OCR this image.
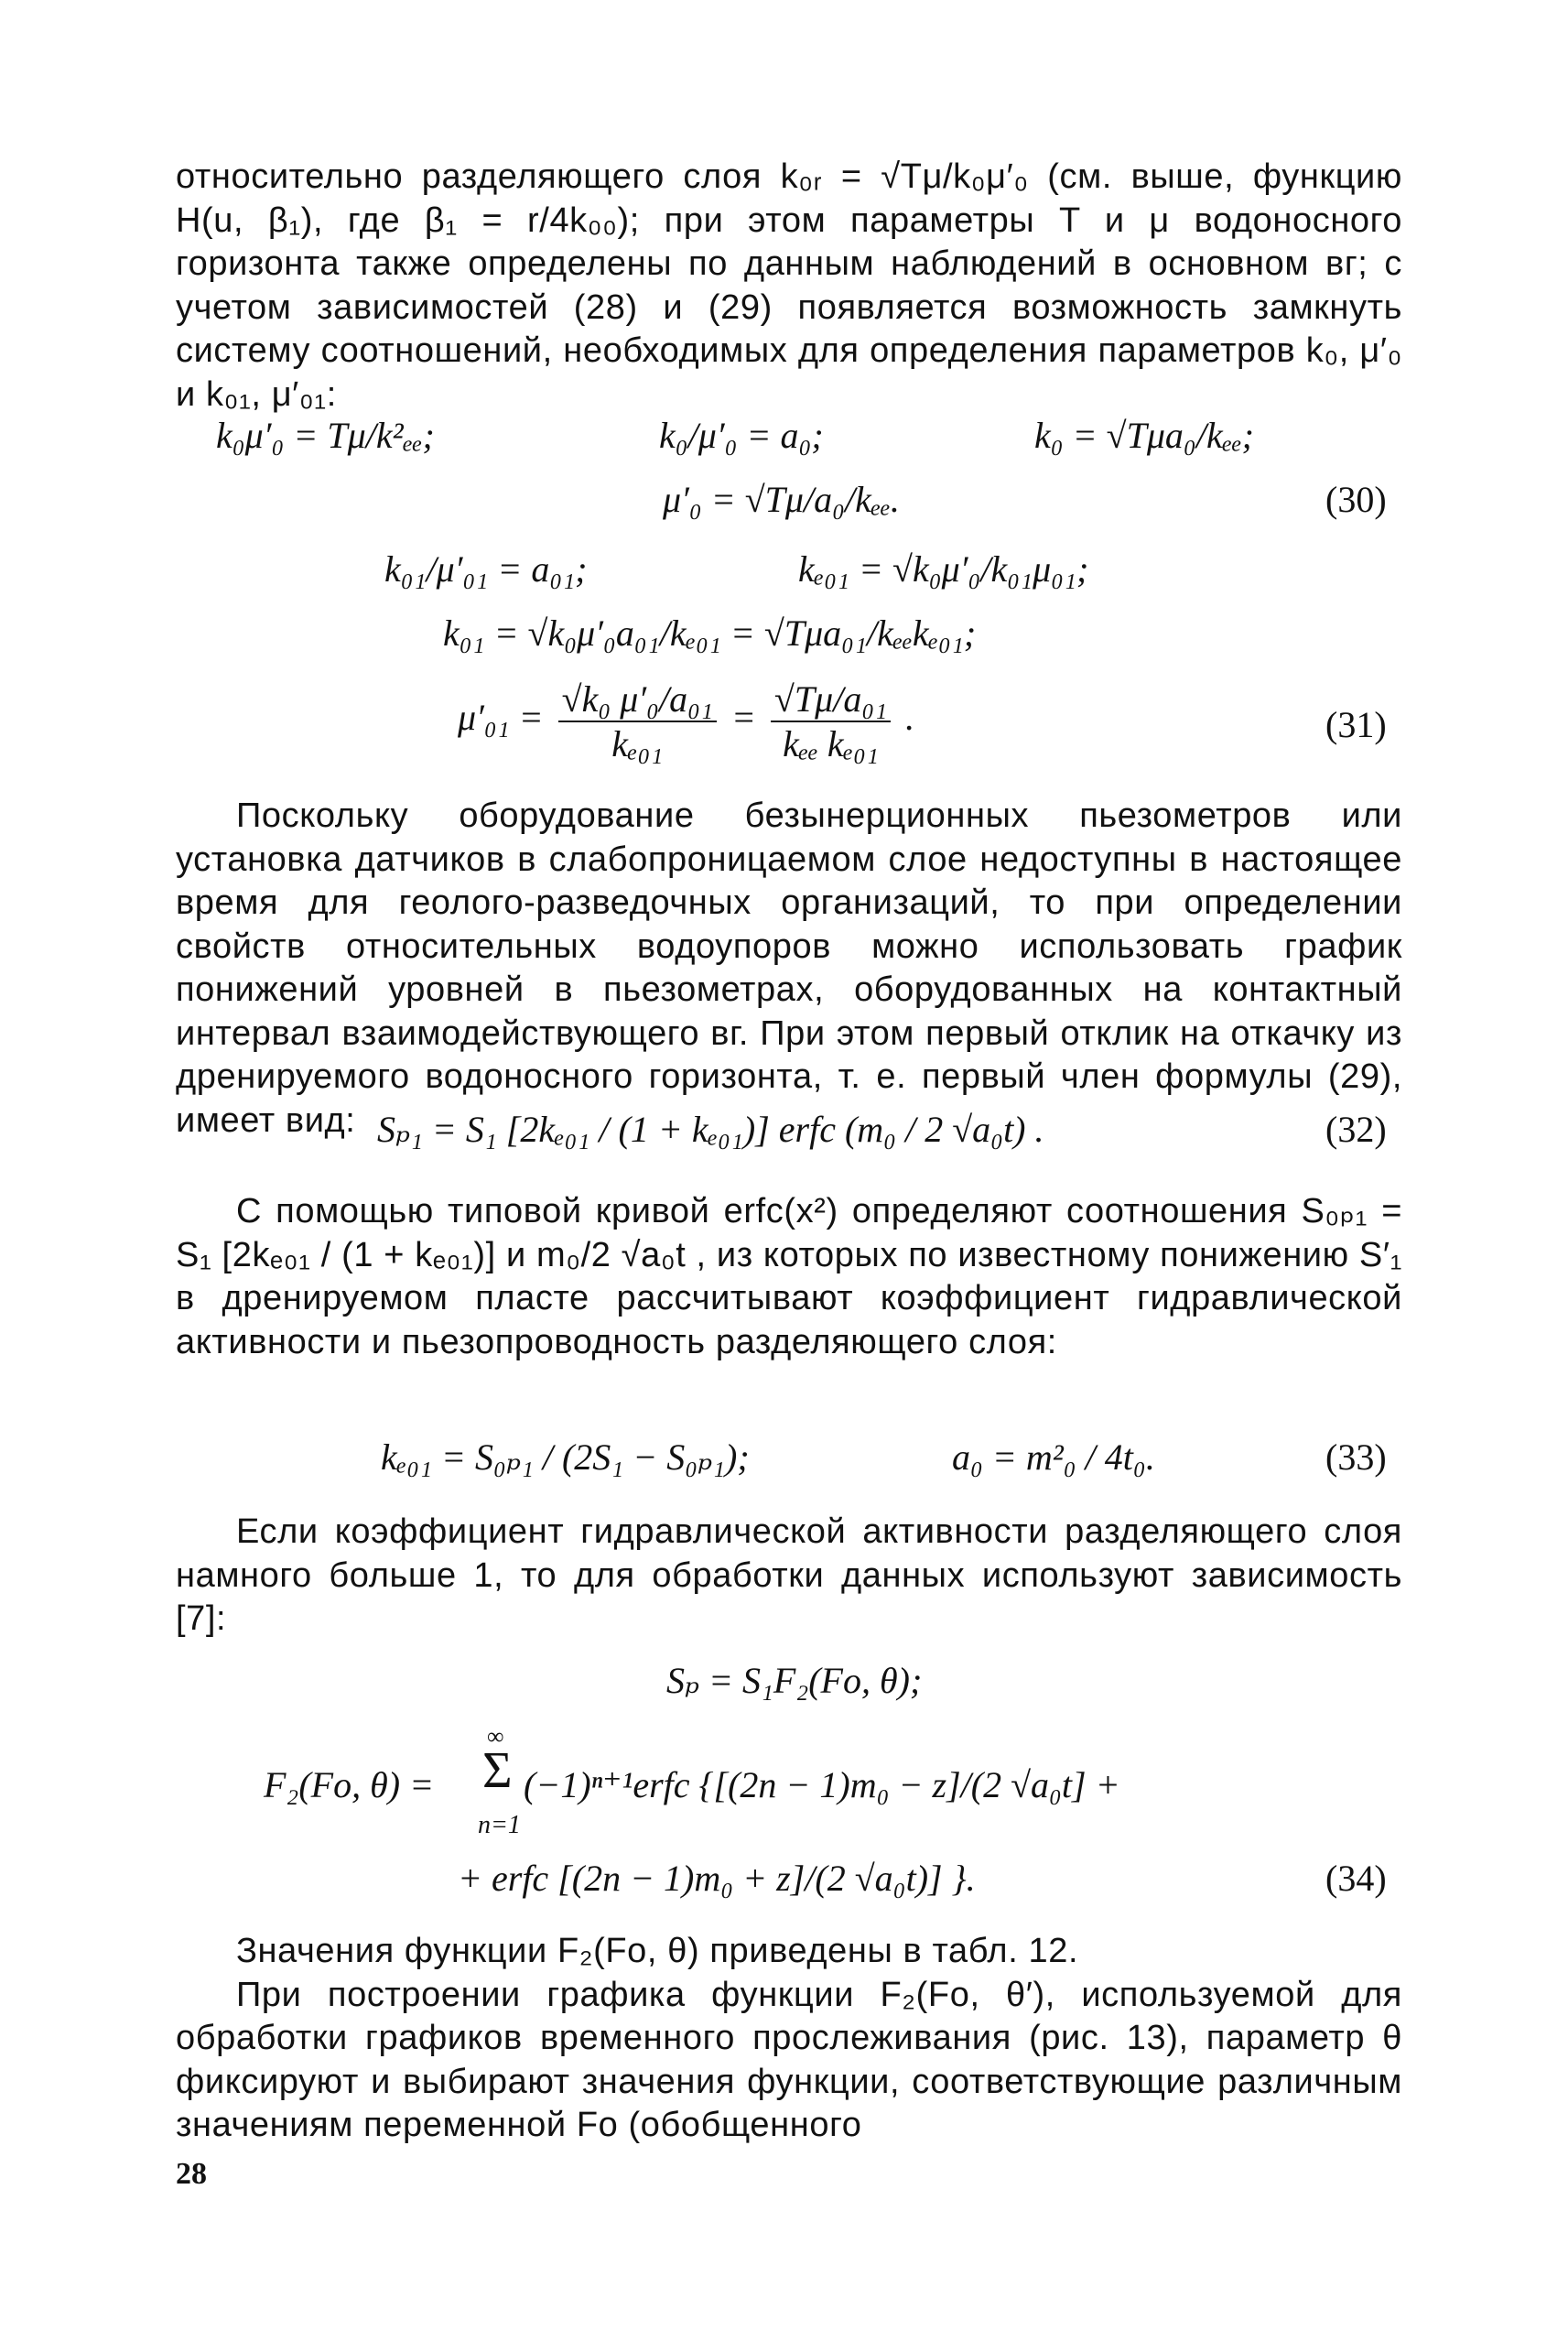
относительно разделяющего слоя k₀ᵣ = √Tμ/k₀μ′₀ (см. выше, функцию H(u, β₁), где β₁ = r/4k₀₀); при этом параметры T и μ водоносного горизонта также определены по данным наблюдений в основном вг; с учетом зависимостей (28) и (29) появляется возможность замкнуть систему соотношений, необходимых для определения параметров k₀, μ′₀ и k₀₁, μ′₀₁:

k₀μ′₀ = Tμ/k²ₑₑ;	k₀/μ′₀ = a₀;	k₀ = √Tμa₀/kₑₑ;
μ′₀ = √Tμ/a₀/kₑₑ.	(30)
k₀₁/μ′₀₁ = a₀₁;	kₑ₀₁ = √k₀μ′₀/k₀₁μ₀₁;
k₀₁ = √k₀μ′₀a₀₁/kₑ₀₁ = √Tμa₀₁/kₑₑkₑ₀₁;
$\mu'_{01} = \frac{\text{√k₀ μ′₀/a₀₁}}{\text{kₑ₀₁}} = \frac{\text{√Tμ/a₀₁}}{\text{kₑₑ kₑ₀₁}}$ .	(31)

Поскольку оборудование безынерционных пьезометров или установка датчиков в слабопроницаемом слое недоступны в настоящее время для геолого-разведочных организаций, то при определении свойств относительных водоупоров можно использовать график понижений уровней в пьезометрах, оборудованных на контактный интервал взаимодействующего вг. При этом первый отклик на откачку из дренируемого водоносного горизонта, т. е. первый член формулы (29), имеет вид: Sₚ₁ = S₁ [2kₑ₀₁ / (1 + kₑ₀₁)] erfc (m₀ / 2 √a₀t) .	(32)

С помощью типовой кривой erfc(x²) определяют соотношения S₀ₚ₁ = S₁ [2kₑ₀₁ / (1 + kₑ₀₁)] и m₀/2 √a₀t , из которых по известному понижению S′₁ в дренируемом пласте рассчитывают коэффициент гидравлической активности и пьезопроводность разделяющего слоя:

kₑ₀₁ = S₀ₚ₁ / (2S₁ − S₀ₚ₁);	a₀ = m²₀ / 4t₀.	(33)

Если коэффициент гидравлической активности разделяющего слоя намного больше 1, то для обработки данных используют зависимость [7]:

Sₚ = S₁F₂(Fo, θ);
F₂(Fo, θ) =
∞
Σ
n=1
(−1)ⁿ⁺¹erfc {[(2n − 1)m₀ − z]/(2 √a₀t] +
+ erfc [(2n − 1)m₀ + z]/(2 √a₀t)] }.	(34)

Значения функции F₂(Fo, θ) приведены в табл. 12.

При построении графика функции F₂(Fo, θ′), используемой для обработки графиков временного прослеживания (рис. 13), параметр θ фиксируют и выбирают значения функции, соответствующие различным значениям переменной Fo (обобщенного

28
